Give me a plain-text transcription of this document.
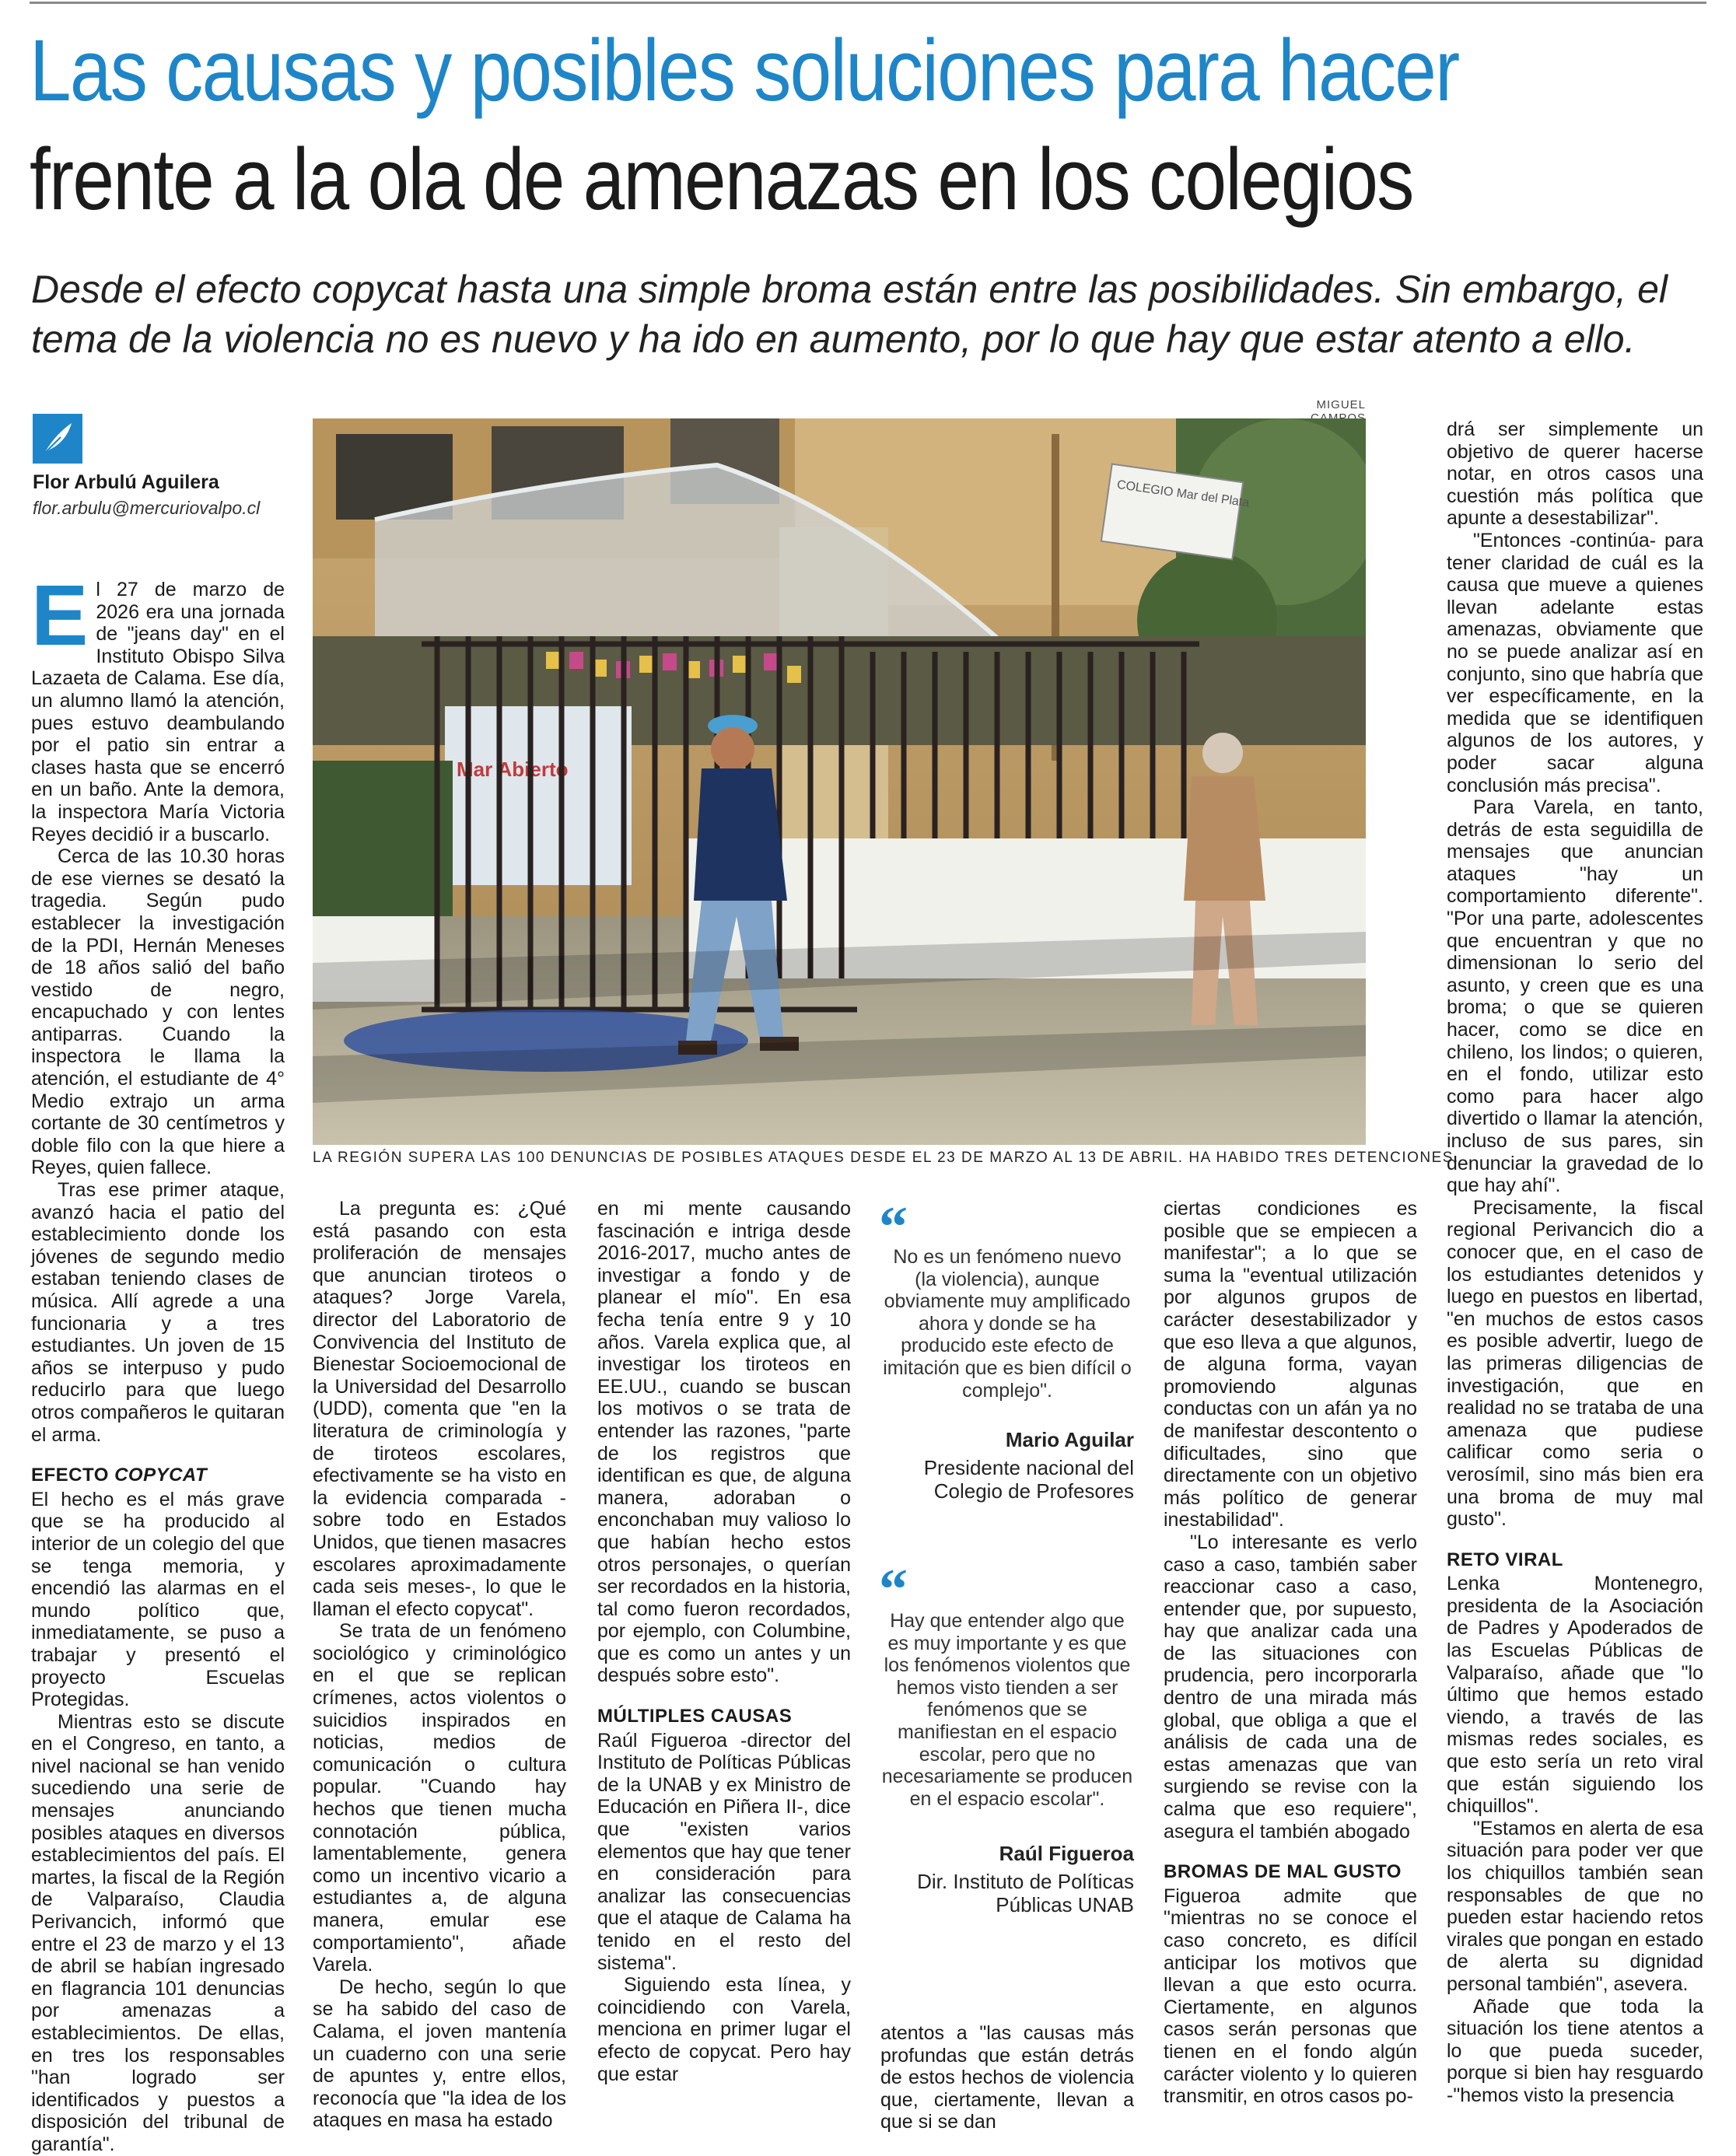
Las causas y posibles soluciones para hacer
frente a la ola de amenazas en los colegios
Desde el efecto copycat hasta una simple broma están entre las posibilidades. Sin embargo, el tema de la violencia no es nuevo y ha ido en aumento, por lo que hay que estar atento a ello.
Flor Arbulú Aguilera
flor.arbulu@mercuriovalpo.cl
MIGUEL
COLEGIO Mar del Plata
Mar Abierto
LA REGIÓN SUPERA LAS 100 DENUNCIAS DE POSIBLES ATAQUES DESDE EL 23 DE MARZO AL 13 DE ABRIL. HA HABIDO TRES DETENCIONES.

El 27 de marzo de 2026 era una jornada de "jeans day" en el Instituto Obispo Silva Lazaeta de Calama. Ese día, un alumno llamó la atención, pues estuvo deambulando por el patio sin entrar a clases hasta que se encerró en un baño. Ante la demora, la inspectora María Victoria Reyes decidió ir a buscarlo.

Cerca de las 10.30 horas de ese viernes se desató la tragedia. Según pudo establecer la investigación de la PDI, Hernán Meneses de 18 años salió del baño vestido de negro, encapuchado y con lentes antiparras. Cuando la inspectora le llama la atención, el estudiante de 4° Medio extrajo un arma cortante de 30 centímetros y doble filo con la que hiere a Reyes, quien fallece.

Tras ese primer ataque, avanzó hacia el patio del establecimiento donde los jóvenes de segundo medio estaban teniendo clases de música. Allí agrede a una funcionaria y a tres estudiantes. Un joven de 15 años se interpuso y pudo reducirlo para que luego otros compañeros le quitaran el arma.

EFECTO COPYCAT

El hecho es el más grave que se ha producido al interior de un colegio del que se tenga memoria, y encendió las alarmas en el mundo político que, inmediatamente, se puso a trabajar y presentó el proyecto Escuelas Protegidas.

Mientras esto se discute en el Congreso, en tanto, a nivel nacional se han venido sucediendo una serie de mensajes anunciando posibles ataques en diversos establecimientos del país. El martes, la fiscal de la Región de Valparaíso, Claudia Perivancich, informó que entre el 23 de marzo y el 13 de abril se habían ingresado en flagrancia 101 denuncias por amenazas a establecimientos. De ellas, en tres los responsables "han logrado ser identificados y puestos a disposición del tribunal de garantía".

La pregunta es: ¿Qué está pasando con esta proliferación de mensajes que anuncian tiroteos o ataques? Jorge Varela, director del Laboratorio de Convivencia del Instituto de Bienestar Socioemocional de la Universidad del Desarrollo (UDD), comenta que "en la literatura de criminología y de tiroteos escolares, efectivamente se ha visto en la evidencia comparada -sobre todo en Estados Unidos, que tienen masacres escolares aproximadamente cada seis meses-, lo que le llaman el efecto copycat".

Se trata de un fenómeno sociológico y criminológico en el que se replican crímenes, actos violentos o suicidios inspirados en noticias, medios de comunicación o cultura popular. "Cuando hay hechos que tienen mucha connotación pública, lamentablemente, genera como un incentivo vicario a estudiantes a, de alguna manera, emular ese comportamiento", añade Varela.

De hecho, según lo que se ha sabido del caso de Calama, el joven mantenía un cuaderno con una serie de apuntes y, entre ellos, reconocía que "la idea de los ataques en masa ha estado

en mi mente causando fascinación e intriga desde 2016-2017, mucho antes de investigar a fondo y de planear el mío". En esa fecha tenía entre 9 y 10 años. Varela explica que, al investigar los tiroteos en EE.UU., cuando se buscan los motivos o se trata de entender las razones, "parte de los registros que identifican es que, de alguna manera, adoraban o enconchaban muy valioso lo que habían hecho estos otros personajes, o querían ser recordados en la historia, tal como fueron recordados, por ejemplo, con Columbine, que es como un antes y un después sobre esto".

MÚLTIPLES CAUSAS

Raúl Figueroa -director del Instituto de Políticas Públicas de la UNAB y ex Ministro de Educación en Piñera II-, dice que "existen varios elementos que hay que tener en consideración para analizar las consecuencias que el ataque de Calama ha tenido en el resto del sistema".

Siguiendo esta línea, y coincidiendo con Varela, menciona en primer lugar el efecto de copycat. Pero hay que estar

“
No es un fenómeno nuevo (la violencia), aunque obviamente muy amplificado ahora y donde se ha producido este efecto de imitación que es bien difícil o complejo".
Mario Aguilar
Presidente nacional del Colegio de Profesores
“
Hay que entender algo que es muy importante y es que los fenómenos violentos que hemos visto tienden a ser fenómenos que se manifiestan en el espacio escolar, pero que no necesariamente se producen en el espacio escolar".
Raúl Figueroa
Dir. Instituto de Políticas Públicas UNAB

atentos a "las causas más profundas que están detrás de estos hechos de violencia que, ciertamente, llevan a que si se dan

ciertas condiciones es posible que se empiecen a manifestar"; a lo que se suma la "eventual utilización por algunos grupos de carácter desestabilizador y que eso lleva a que algunos, de alguna forma, vayan promoviendo algunas conductas con un afán ya no de manifestar descontento o dificultades, sino que directamente con un objetivo más político de generar inestabilidad".

"Lo interesante es verlo caso a caso, también saber reaccionar caso a caso, entender que, por supuesto, hay que analizar cada una de las situaciones con prudencia, pero incorporarla dentro de una mirada más global, que obliga a que el análisis de cada una de estas amenazas que van surgiendo se revise con la calma que eso requiere", asegura el también abogado

BROMAS DE MAL GUSTO

Figueroa admite que "mientras no se conoce el caso concreto, es difícil anticipar los motivos que llevan a que esto ocurra. Ciertamente, en algunos casos serán personas que tienen en el fondo algún carácter violento y lo quieren transmitir, en otros casos po-

drá ser simplemente un objetivo de querer hacerse notar, en otros casos una cuestión más política que apunte a desestabilizar".

"Entonces -continúa- para tener claridad de cuál es la causa que mueve a quienes llevan adelante estas amenazas, obviamente que no se puede analizar así en conjunto, sino que habría que ver específicamente, en la medida que se identifiquen algunos de los autores, y poder sacar alguna conclusión más precisa".

Para Varela, en tanto, detrás de esta seguidilla de mensajes que anuncian ataques "hay un comportamiento diferente". "Por una parte, adolescentes que encuentran y que no dimensionan lo serio del asunto, y creen que es una broma; o que se quieren hacer, como se dice en chileno, los lindos; o quieren, en el fondo, utilizar esto como para hacer algo divertido o llamar la atención, incluso de sus pares, sin denunciar la gravedad de lo que hay ahí".

Precisamente, la fiscal regional Perivancich dio a conocer que, en el caso de los estudiantes detenidos y luego en puestos en libertad, "en muchos de estos casos es posible advertir, luego de las primeras diligencias de investigación, que en realidad no se trataba de una amenaza que pudiese calificar como seria o verosímil, sino más bien era una broma de muy mal gusto".

RETO VIRAL

Lenka Montenegro, presidenta de la Asociación de Padres y Apoderados de las Escuelas Públicas de Valparaíso, añade que "lo último que hemos estado viendo, a través de las mismas redes sociales, es que esto sería un reto viral que están siguiendo los chiquillos".

"Estamos en alerta de esa situación para poder ver que los chiquillos también sean responsables de que no pueden estar haciendo retos virales que pongan en estado de alerta su dignidad personal también", asevera.

Añade que toda la situación los tiene atentos a lo que pueda suceder, porque si bien hay resguardo -"hemos visto la presencia
